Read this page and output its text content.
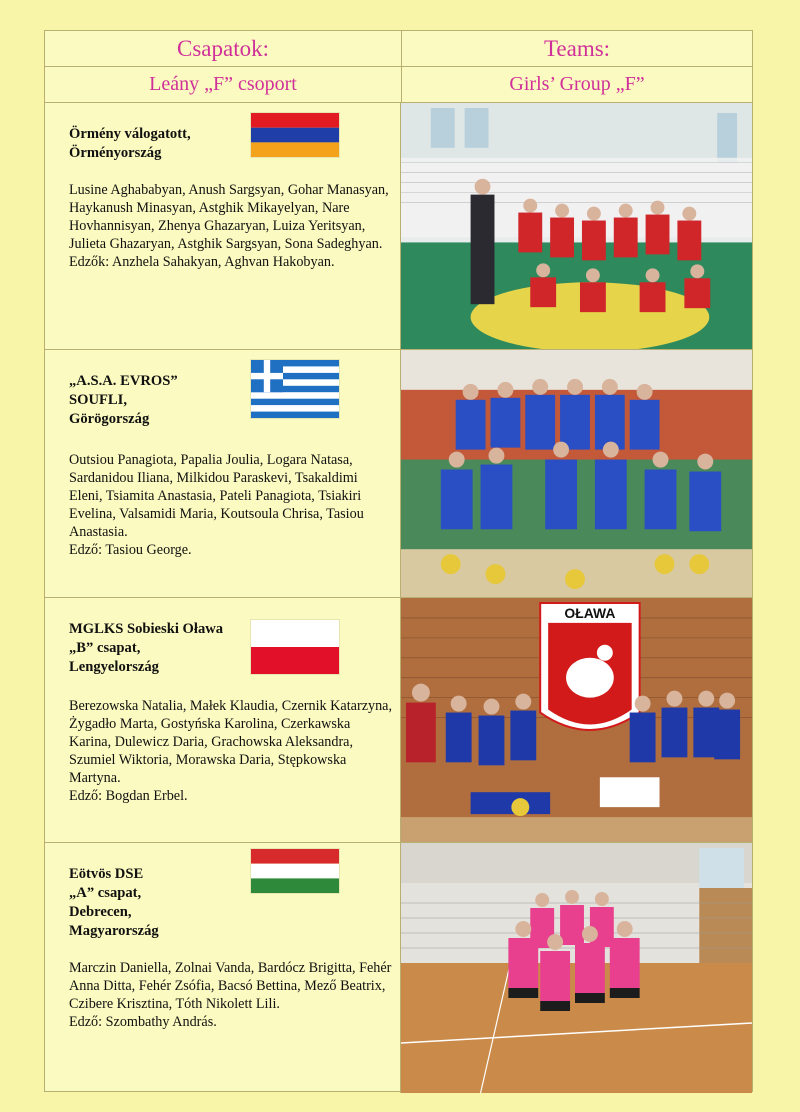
Csapatok:	Teams:
Leány „F” csoport	Girls’ Group „F”
Örmény válogatott,
Örményország
Lusine Aghababyan, Anush Sargsyan, Gohar Manasyan, Haykanush Minasyan, Astghik Mikayelyan, Nare Hovhannisyan, Zhenya Ghazaryan, Luiza Yeritsyan, Julieta Ghazaryan, Astghik Sargsyan, Sona Sadeghyan.
Edzők: Anzhela Sahakyan, Aghvan Hakobyan.
„A.S.A. EVROS”
SOUFLI,
Görögország
Outsiou Panagiota, Papalia Joulia, Logara Natasa, Sardanidou Iliana, Milkidou Paraskevi, Tsakaldimi Eleni, Tsiamita Anastasia, Pateli Panagiota, Tsiakiri Evelina, Valsamidi Maria, Koutsoula Chrisa, Tasiou Anastasia.
Edző: Tasiou George.
MGLKS Sobieski Oława
„B” csapat,
Lengyelország
Berezowska Natalia, Małek Klaudia, Czernik Katarzyna, Żygadło Marta, Gostyńska Karolina, Czerkawska Karina, Dulewicz Daria, Grachowska Aleksandra, Szumiel Wiktoria, Morawska Daria, Stępkowska Martyna.
Edző: Bogdan Erbel.
OŁAWA
Eötvös DSE
„A” csapat,
Debrecen,
Magyarország
Marczin Daniella, Zolnai Vanda, Bardócz Brigitta, Fehér Anna Ditta, Fehér Zsófia, Bacsó Bettina, Mező Beatrix, Czibere Krisztina, Tóth Nikolett Lili.
Edző: Szombathy András.
